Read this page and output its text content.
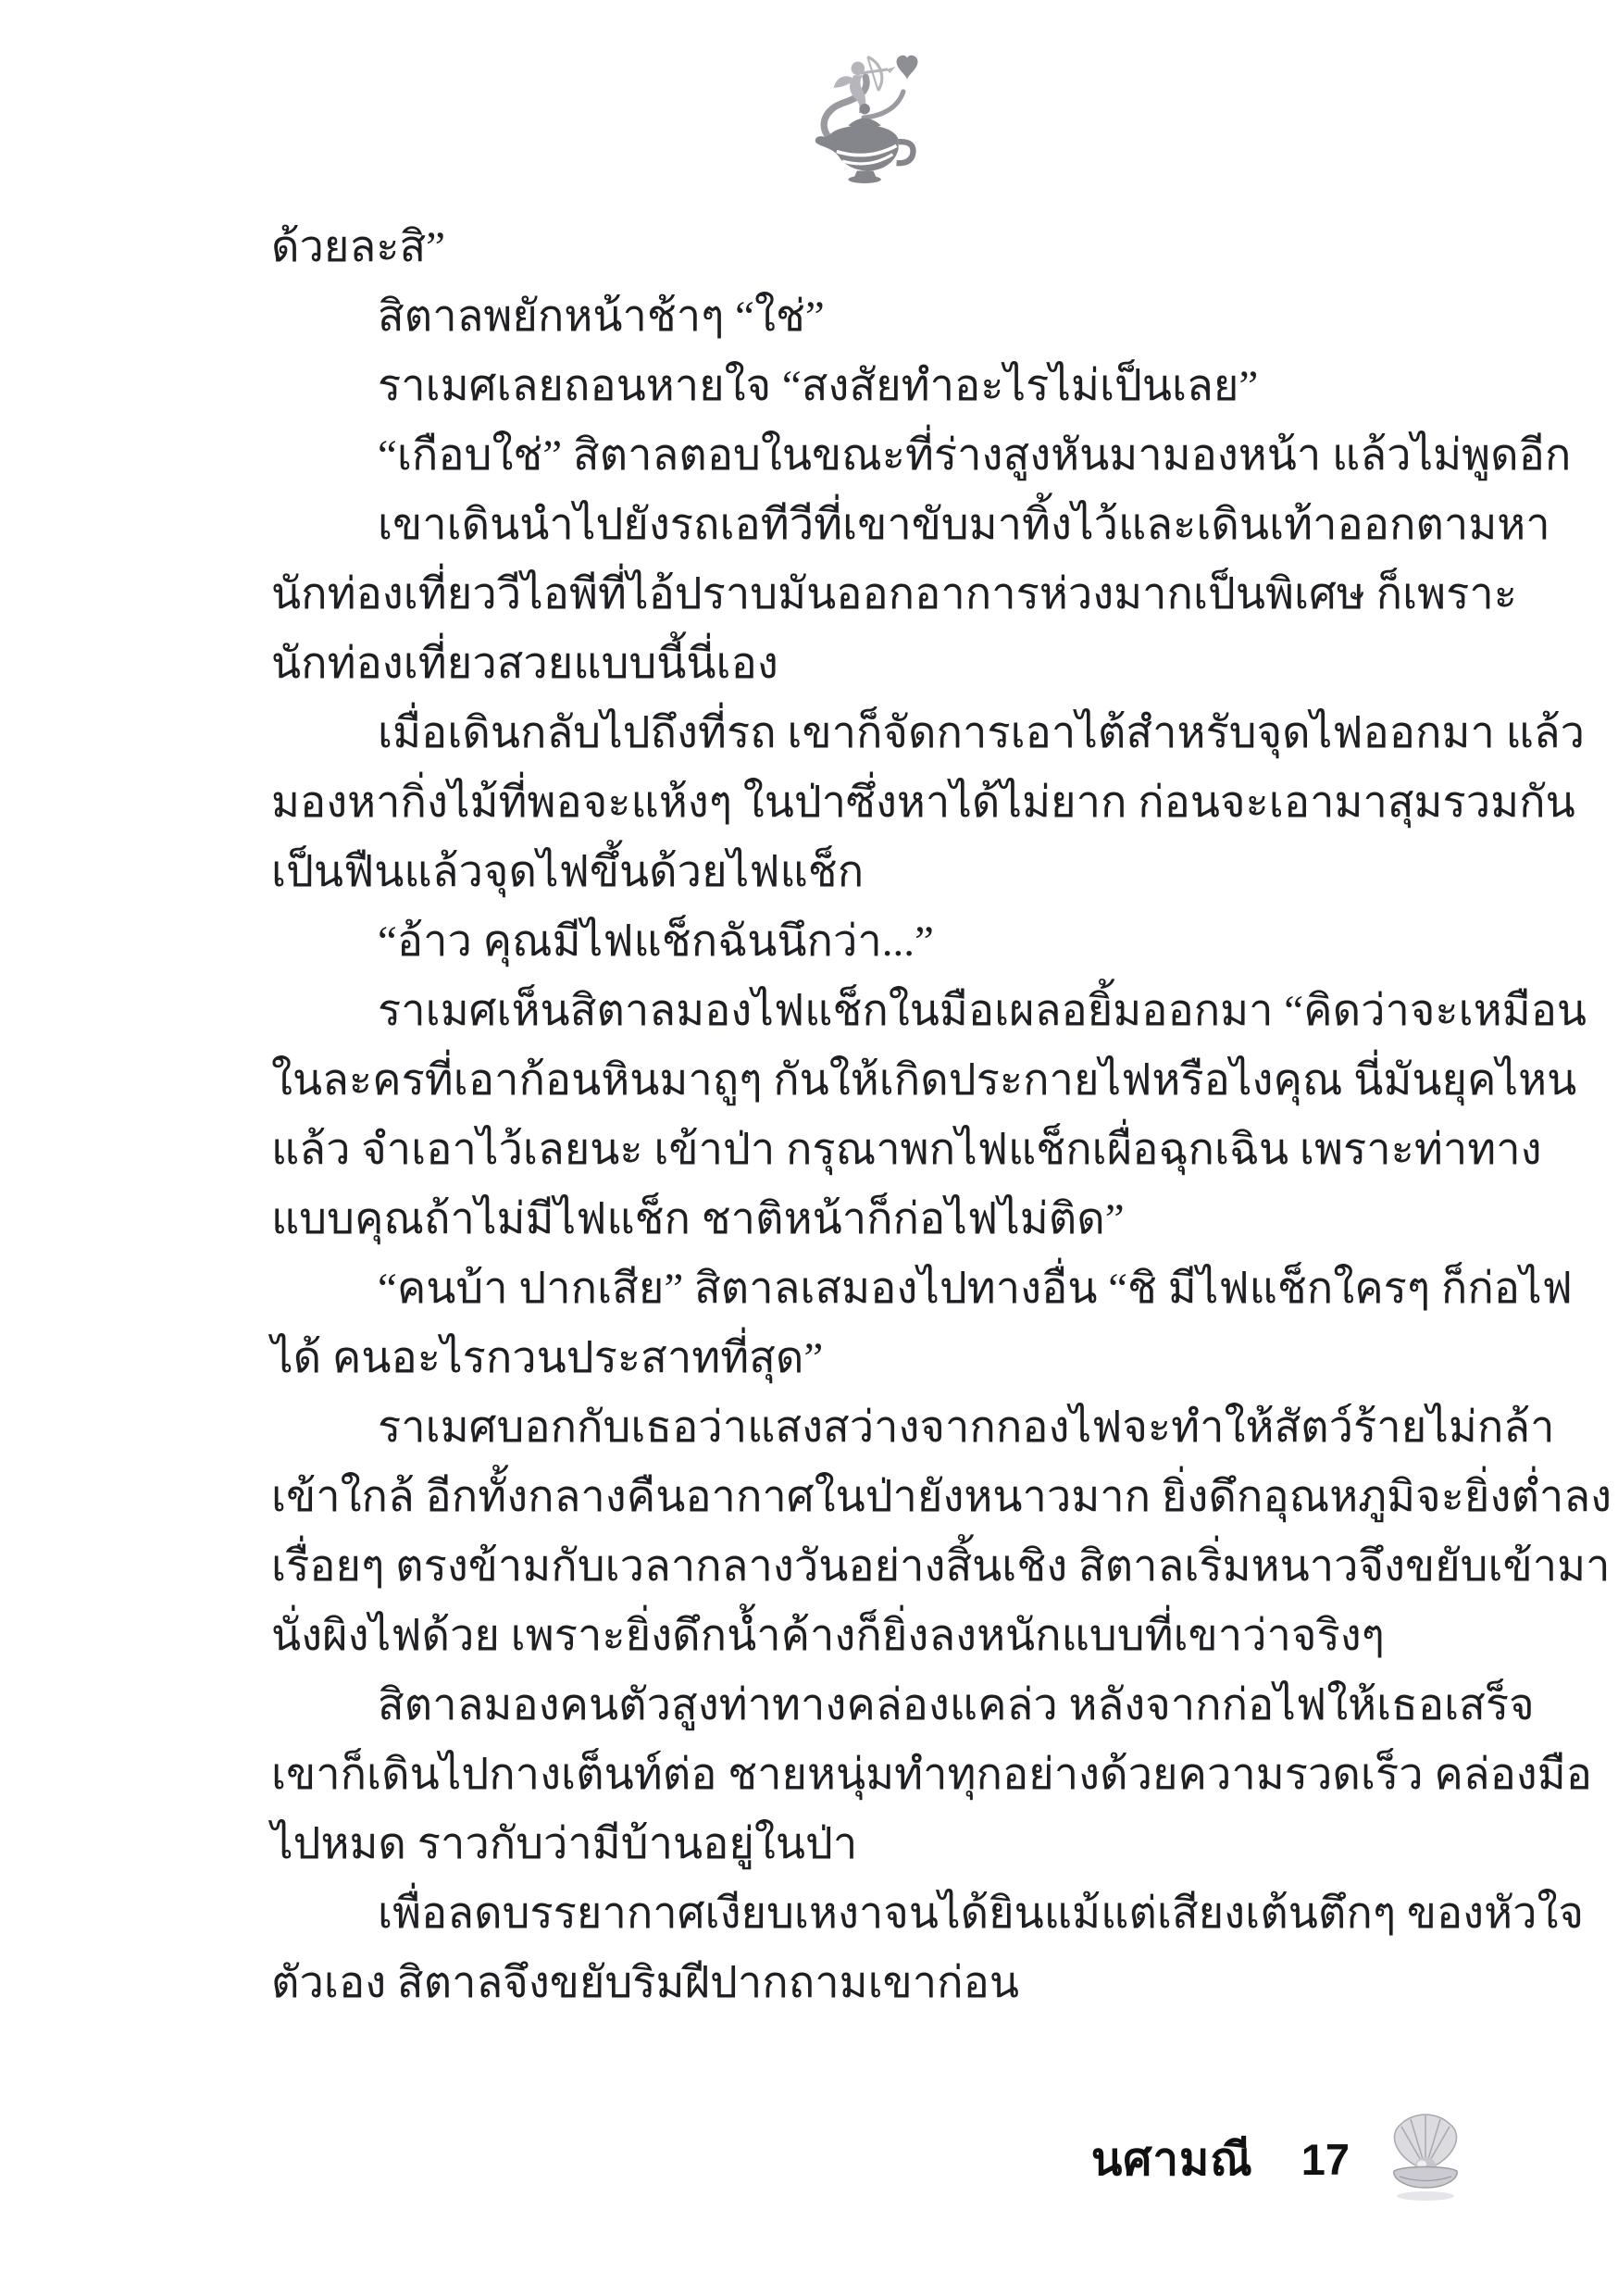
ด้วยละสิ”
สิตาลพยักหน้าช้าๆ “ใช่”
ราเมศเลยถอนหายใจ “สงสัยทำอะไรไม่เป็นเลย”
“เกือบใช่” สิตาลตอบในขณะที่ร่างสูงหันมามองหน้า แล้วไม่พูดอีก
เขาเดินนำไปยังรถเอทีวีที่เขาขับมาทิ้งไว้และเดินเท้าออกตามหา
นักท่องเที่ยววีไอพีที่ไอ้ปราบมันออกอาการห่วงมากเป็นพิเศษ ก็เพราะ
นักท่องเที่ยวสวยแบบนี้นี่เอง
เมื่อเดินกลับไปถึงที่รถ เขาก็จัดการเอาไต้สำหรับจุดไฟออกมา แล้ว
มองหากิ่งไม้ที่พอจะแห้งๆ ในป่าซึ่งหาได้ไม่ยาก ก่อนจะเอามาสุมรวมกัน
เป็นฟืนแล้วจุดไฟขึ้นด้วยไฟแช็ก
“อ้าว คุณมีไฟแช็กฉันนึกว่า...”
ราเมศเห็นสิตาลมองไฟแช็กในมือเผลอยิ้มออกมา “คิดว่าจะเหมือน
ในละครที่เอาก้อนหินมาถูๆ กันให้เกิดประกายไฟหรือไงคุณ นี่มันยุคไหน
แล้ว จำเอาไว้เลยนะ เข้าป่า กรุณาพกไฟแช็กเผื่อฉุกเฉิน เพราะท่าทาง
แบบคุณถ้าไม่มีไฟแช็ก ชาติหน้าก็ก่อไฟไม่ติด”
“คนบ้า ปากเสีย” สิตาลเสมองไปทางอื่น “ชิ มีไฟแช็กใครๆ ก็ก่อไฟ
ได้ คนอะไรกวนประสาทที่สุด”
ราเมศบอกกับเธอว่าแสงสว่างจากกองไฟจะทำให้สัตว์ร้ายไม่กล้า
เข้าใกล้ อีกทั้งกลางคืนอากาศในป่ายังหนาวมาก ยิ่งดึกอุณหภูมิจะยิ่งต่ำลง
เรื่อยๆ ตรงข้ามกับเวลากลางวันอย่างสิ้นเชิง สิตาลเริ่มหนาวจึงขยับเข้ามา
นั่งผิงไฟด้วย เพราะยิ่งดึกน้ำค้างก็ยิ่งลงหนักแบบที่เขาว่าจริงๆ
สิตาลมองคนตัวสูงท่าทางคล่องแคล่ว หลังจากก่อไฟให้เธอเสร็จ
เขาก็เดินไปกางเต็นท์ต่อ ชายหนุ่มทำทุกอย่างด้วยความรวดเร็ว คล่องมือ
ไปหมด ราวกับว่ามีบ้านอยู่ในป่า
เพื่อลดบรรยากาศเงียบเหงาจนได้ยินแม้แต่เสียงเต้นตึกๆ ของหัวใจ
ตัวเอง สิตาลจึงขยับริมฝีปากถามเขาก่อน
นศามณี 17
